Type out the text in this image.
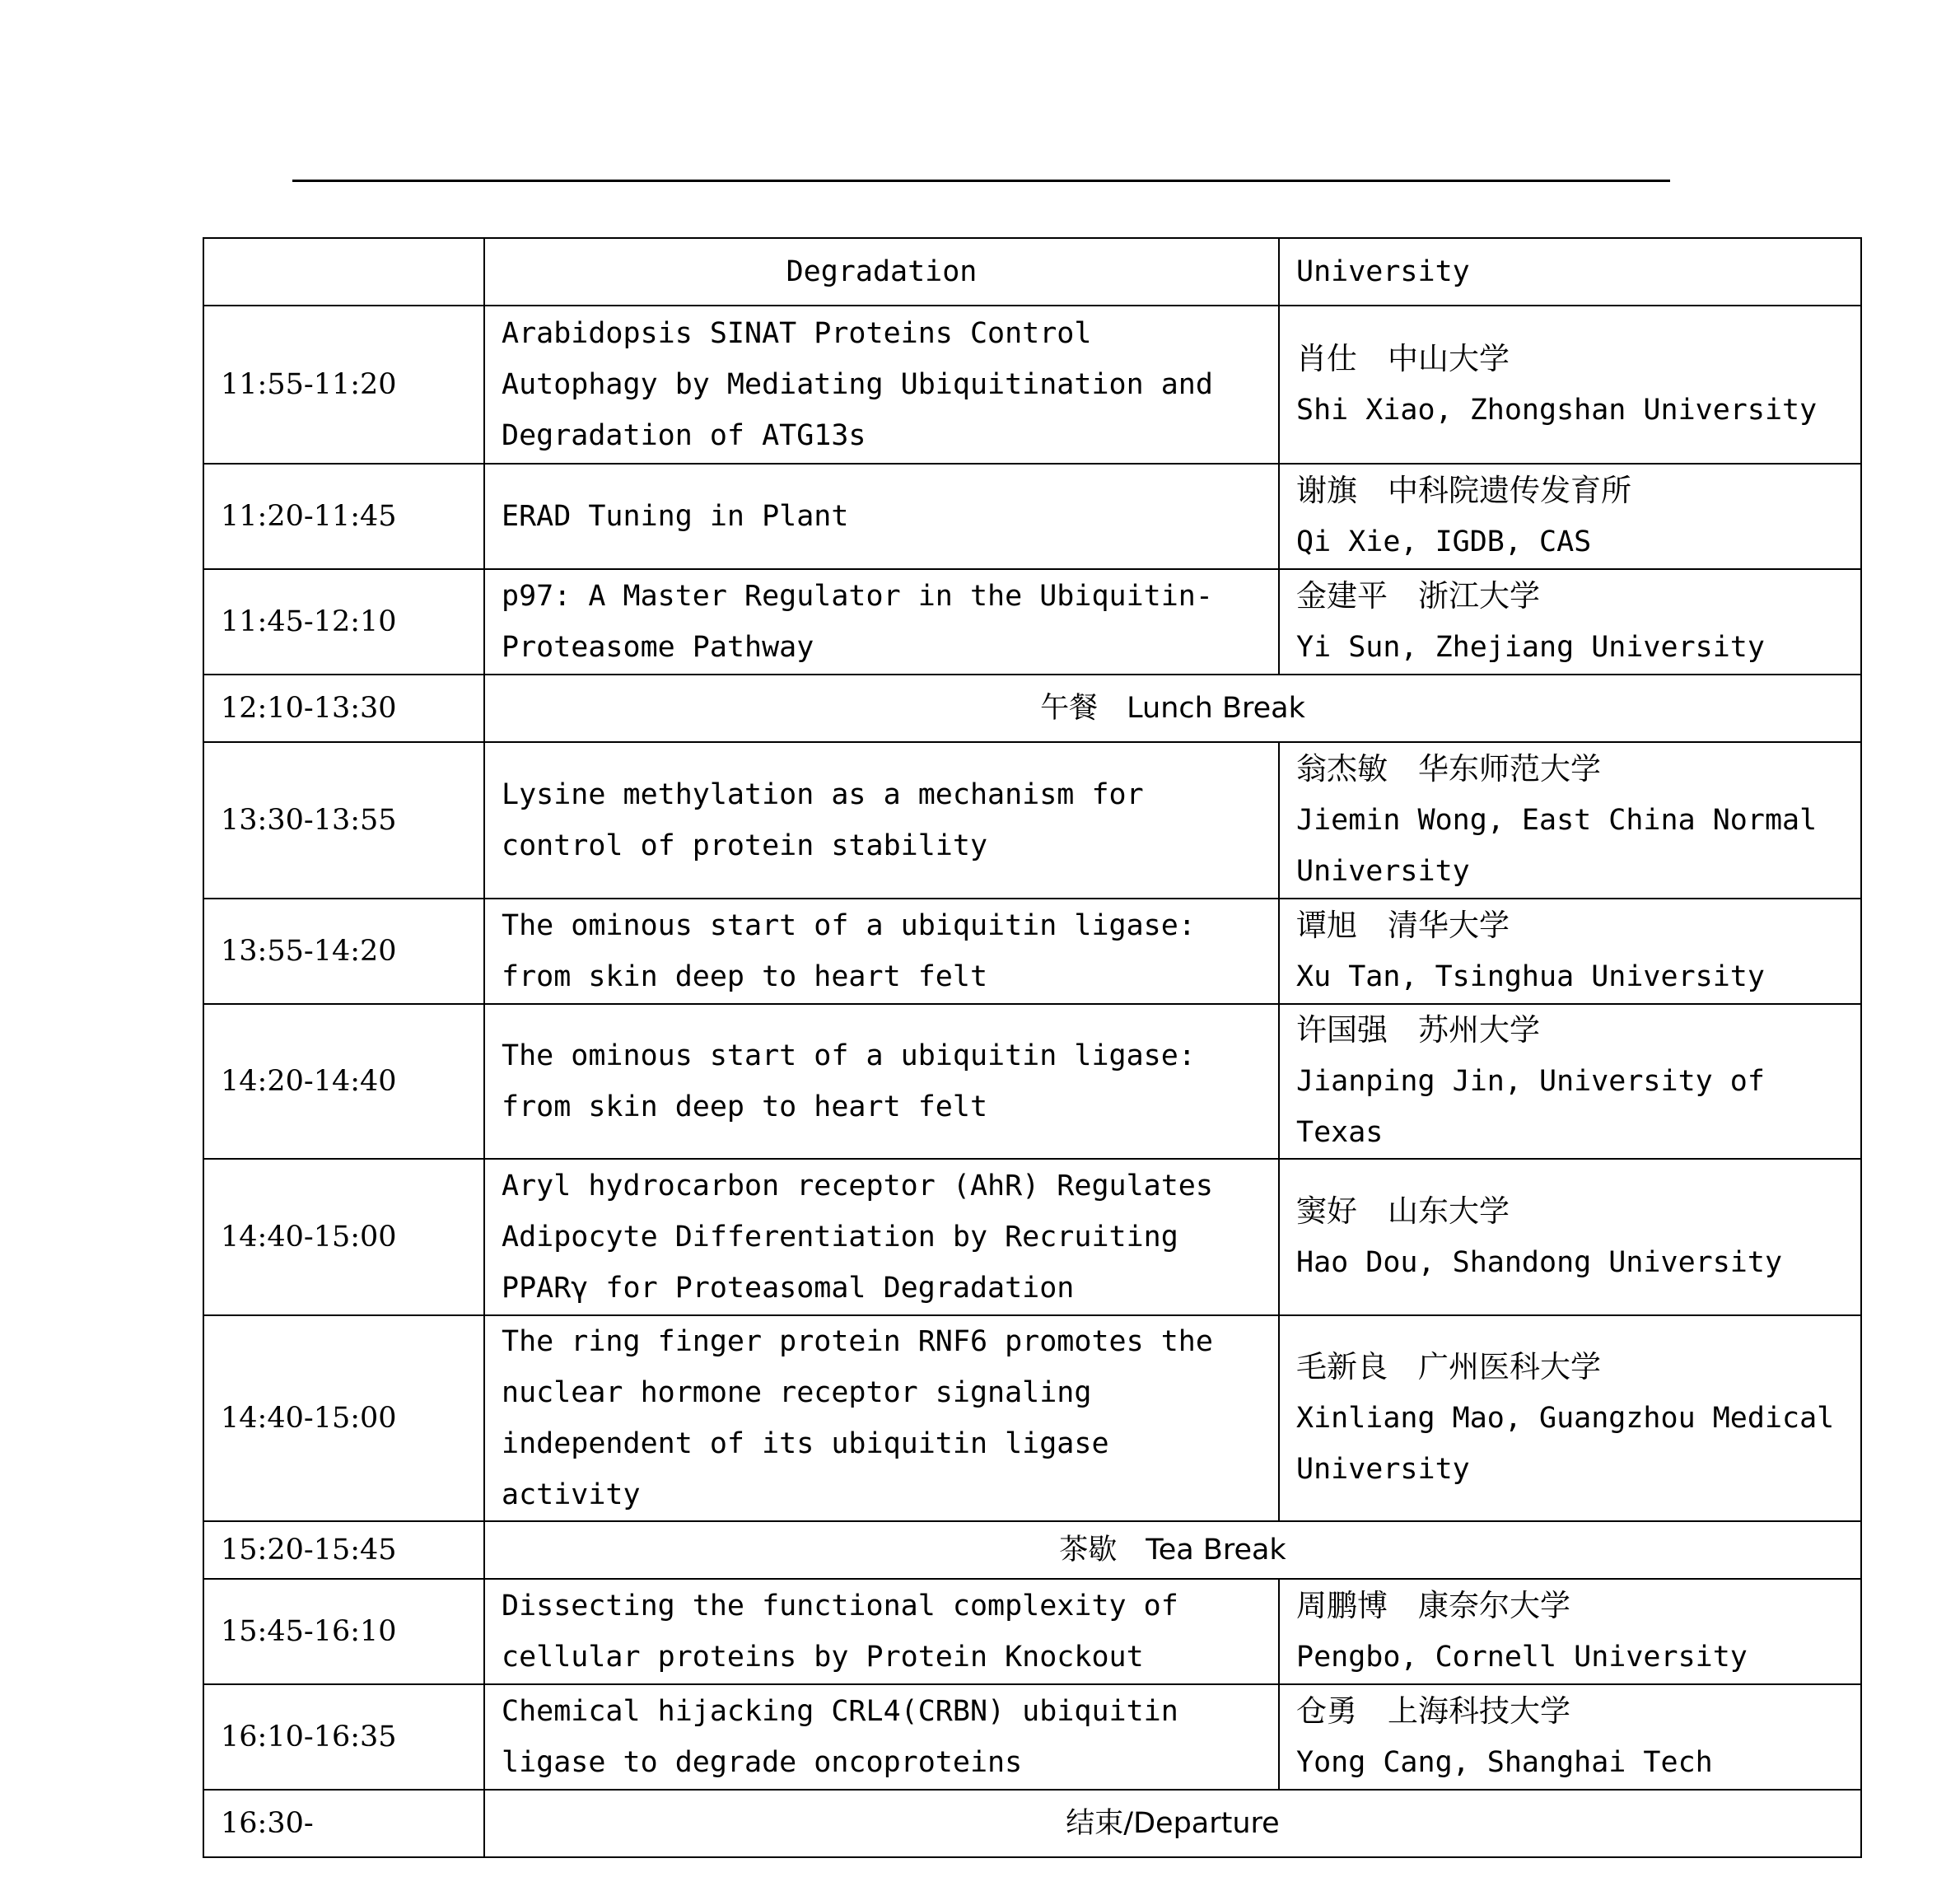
	Degradation	University
11:55-11:20	Arabidopsis SINAT Proteins Control Autophagy by Mediating Ubiquitination and Degradation of ATG13s	肖仕　中山大学
Shi Xiao, Zhongshan University

11:20-11:45	ERAD Tuning in Plant	谢旗　中科院遗传发育所
Qi Xie, IGDB, CAS

11:45-12:10	p97: A Master Regulator in the Ubiquitin-Proteasome Pathway	金建平　浙江大学
Yi Sun, Zhejiang University

12:10-13:30	午餐　Lunch Break	
13:30-13:55	Lysine methylation as a mechanism for control of protein stability	翁杰敏　华东师范大学
Jiemin Wong, East China Normal University

13:55-14:20	The ominous start of a ubiquitin ligase: from skin deep to heart felt	谭旭　清华大学
Xu Tan, Tsinghua University

14:20-14:40	The ominous start of a ubiquitin ligase: from skin deep to heart felt	许国强　苏州大学
Jianping Jin, University of Texas

14:40-15:00	Aryl hydrocarbon receptor (AhR) Regulates Adipocyte Differentiation by Recruiting PPARγ for Proteasomal Degradation	窦好　山东大学
Hao Dou, Shandong University

14:40-15:00	The ring finger protein RNF6 promotes the nuclear hormone receptor signaling independent of its ubiquitin ligase activity	毛新良　广州医科大学
Xinliang Mao, Guangzhou Medical University

15:20-15:45	茶歇　Tea Break	
15:45-16:10	Dissecting the functional complexity of cellular proteins by Protein Knockout	周鹏博　康奈尔大学
Pengbo, Cornell University

16:10-16:35	Chemical hijacking CRL4(CRBN) ubiquitin ligase to degrade oncoproteins	仓勇　上海科技大学
Yong Cang, Shanghai Tech

16:30-	结束/Departure	
